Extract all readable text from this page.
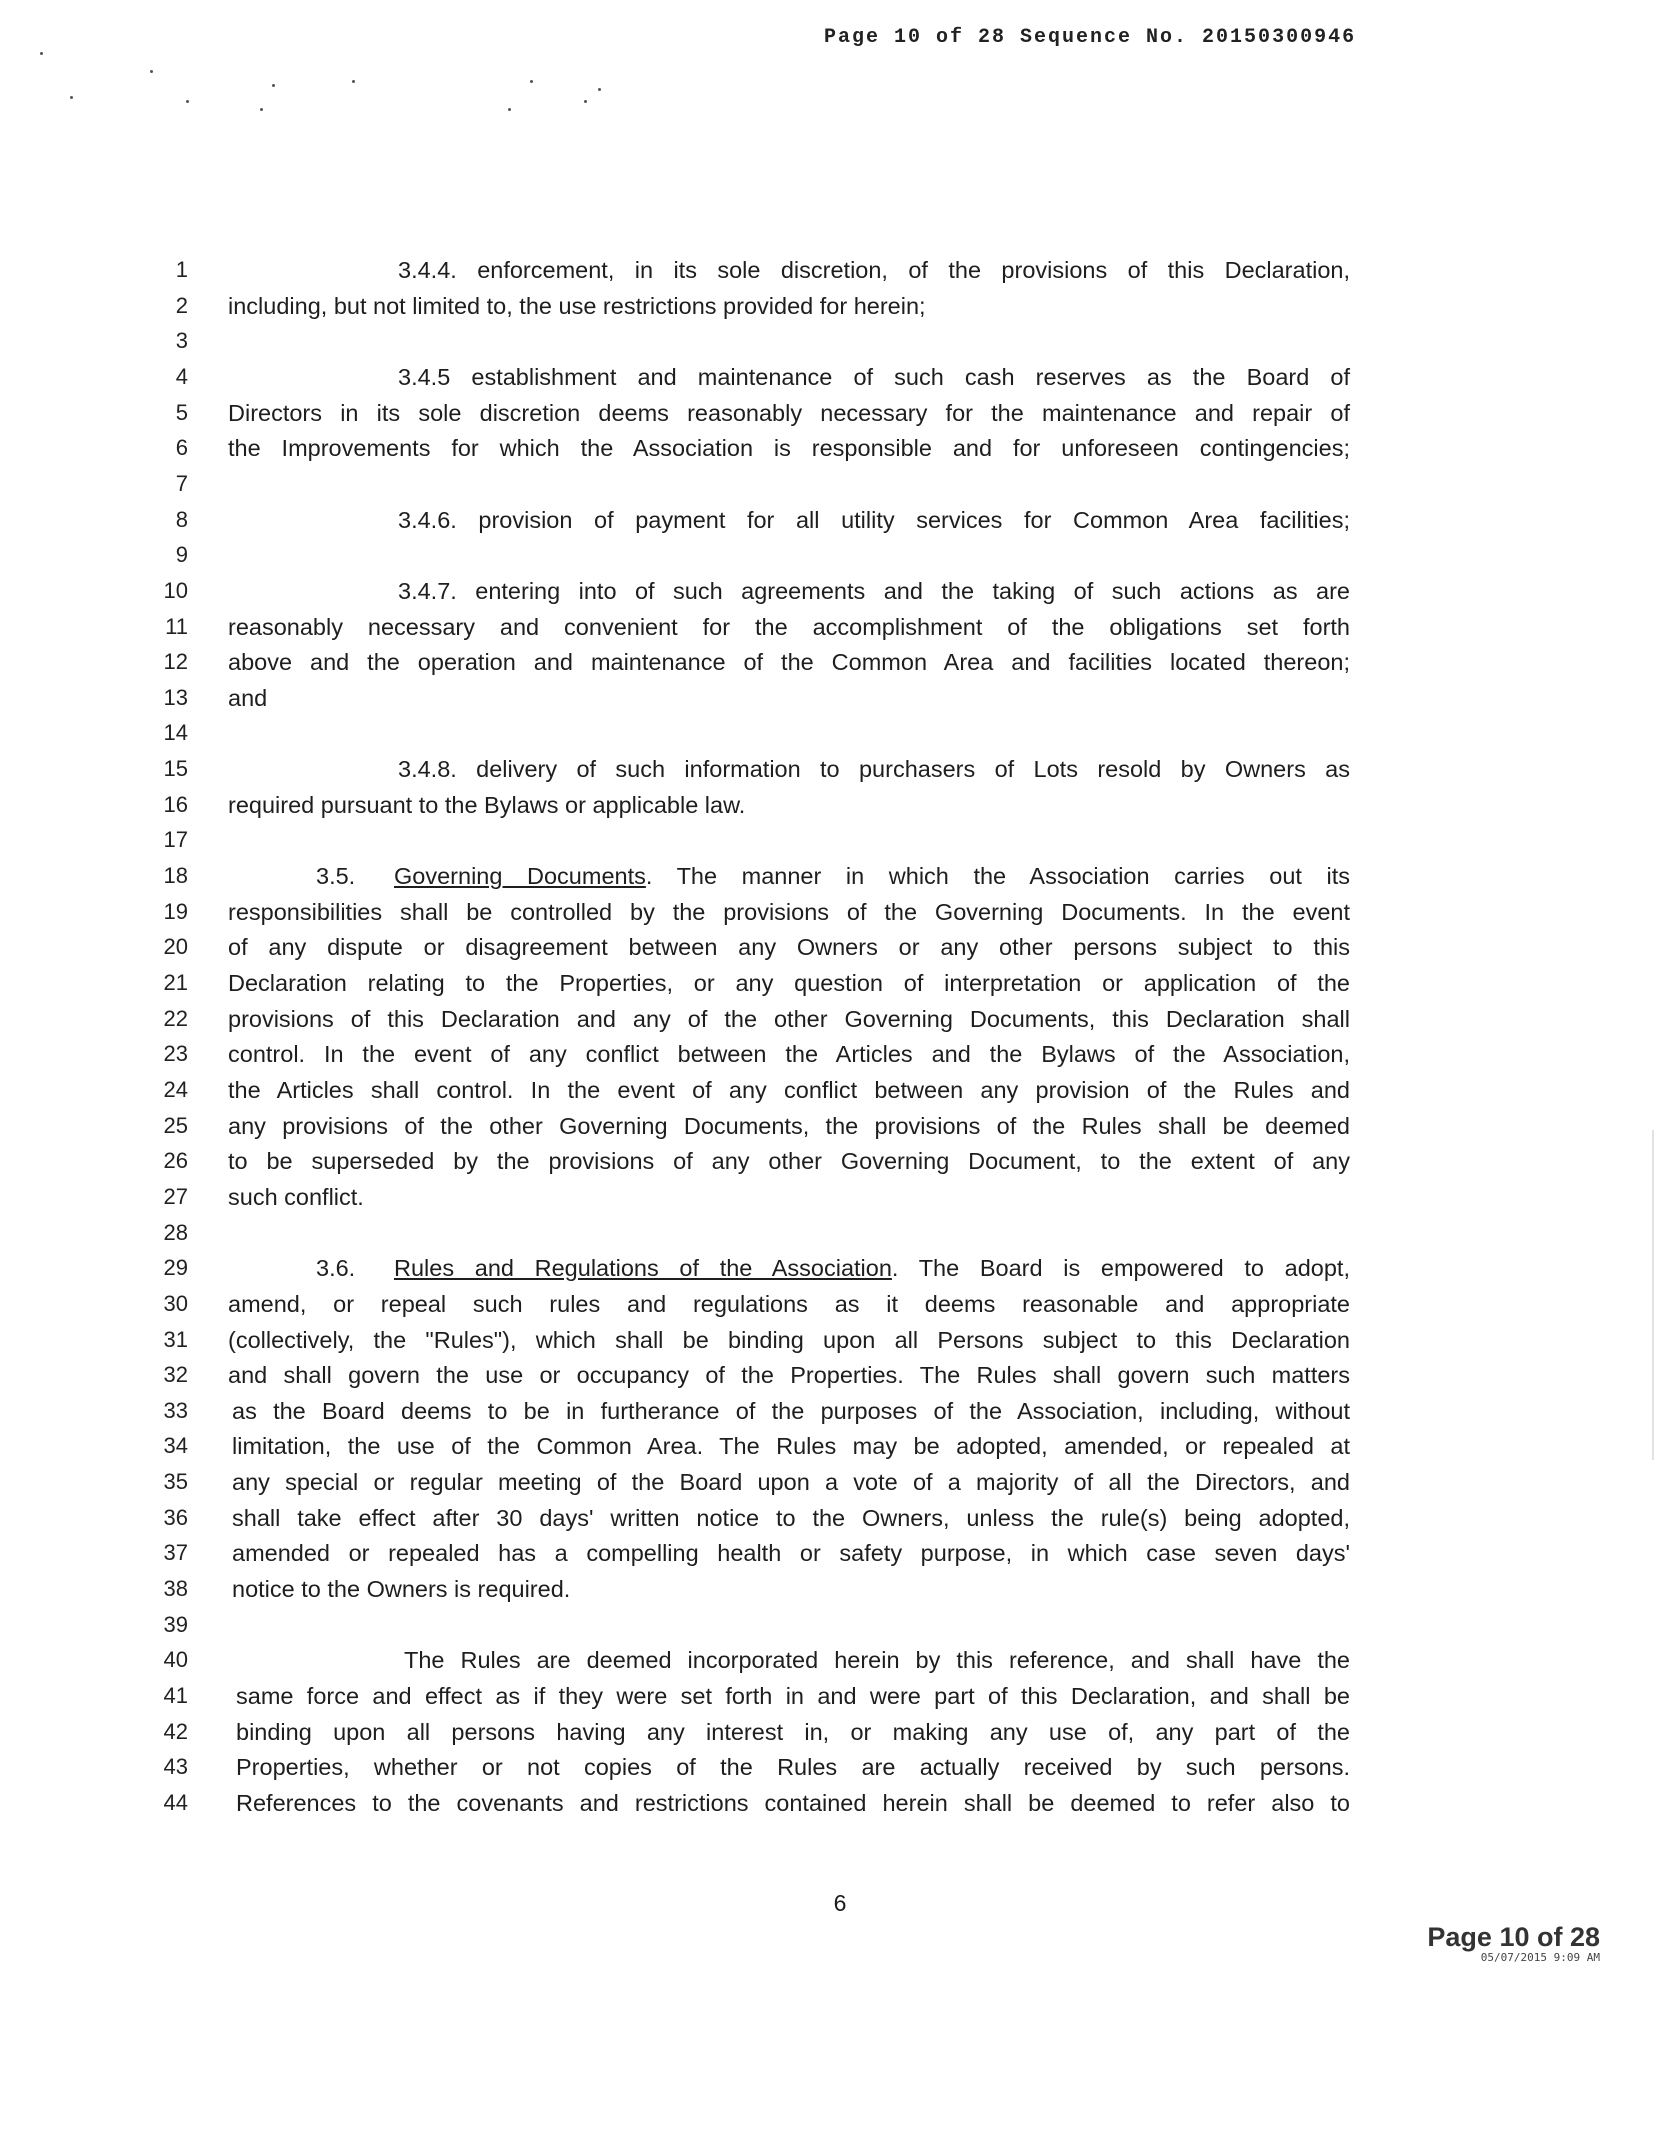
Page 10 of 28 Sequence No. 20150300946
1	3.4.4. enforcement, in its sole discretion, of the provisions of this Declaration,
2 including, but not limited to, the use restrictions provided for herein;
3
4	3.4.5 establishment and maintenance of such cash reserves as the Board of
5 Directors in its sole discretion deems reasonably necessary for the maintenance and repair of
6 the Improvements for which the Association is responsible and for unforeseen contingencies;
7
8	3.4.6. provision of payment for all utility services for Common Area facilities;
9
10	3.4.7. entering into of such agreements and the taking of such actions as are
11 reasonably necessary and convenient for the accomplishment of the obligations set forth
12 above and the operation and maintenance of the Common Area and facilities located thereon;
13 and
14
15	3.4.8. delivery of such information to purchasers of Lots resold by Owners as
16 required pursuant to the Bylaws or applicable law.
17
18	3.5. Governing Documents. The manner in which the Association carries out its
19 responsibilities shall be controlled by the provisions of the Governing Documents. In the event
20 of any dispute or disagreement between any Owners or any other persons subject to this
21 Declaration relating to the Properties, or any question of interpretation or application of the
22 provisions of this Declaration and any of the other Governing Documents, this Declaration shall
23 control. In the event of any conflict between the Articles and the Bylaws of the Association,
24 the Articles shall control. In the event of any conflict between any provision of the Rules and
25 any provisions of the other Governing Documents, the provisions of the Rules shall be deemed
26 to be superseded by the provisions of any other Governing Document, to the extent of any
27 such conflict.
28
29	3.6. Rules and Regulations of the Association. The Board is empowered to adopt,
30 amend, or repeal such rules and regulations as it deems reasonable and appropriate
31 (collectively, the "Rules"), which shall be binding upon all Persons subject to this Declaration
32 and shall govern the use or occupancy of the Properties. The Rules shall govern such matters
33 as the Board deems to be in furtherance of the purposes of the Association, including, without
34 limitation, the use of the Common Area. The Rules may be adopted, amended, or repealed at
35 any special or regular meeting of the Board upon a vote of a majority of all the Directors, and
36 shall take effect after 30 days' written notice to the Owners, unless the rule(s) being adopted,
37 amended or repealed has a compelling health or safety purpose, in which case seven days'
38 notice to the Owners is required.
39
40	The Rules are deemed incorporated herein by this reference, and shall have the
41 same force and effect as if they were set forth in and were part of this Declaration, and shall be
42 binding upon all persons having any interest in, or making any use of, any part of the
43 Properties, whether or not copies of the Rules are actually received by such persons.
44 References to the covenants and restrictions contained herein shall be deemed to refer also to
6
Page 10 of 28
05/07/2015 9:09 AM
